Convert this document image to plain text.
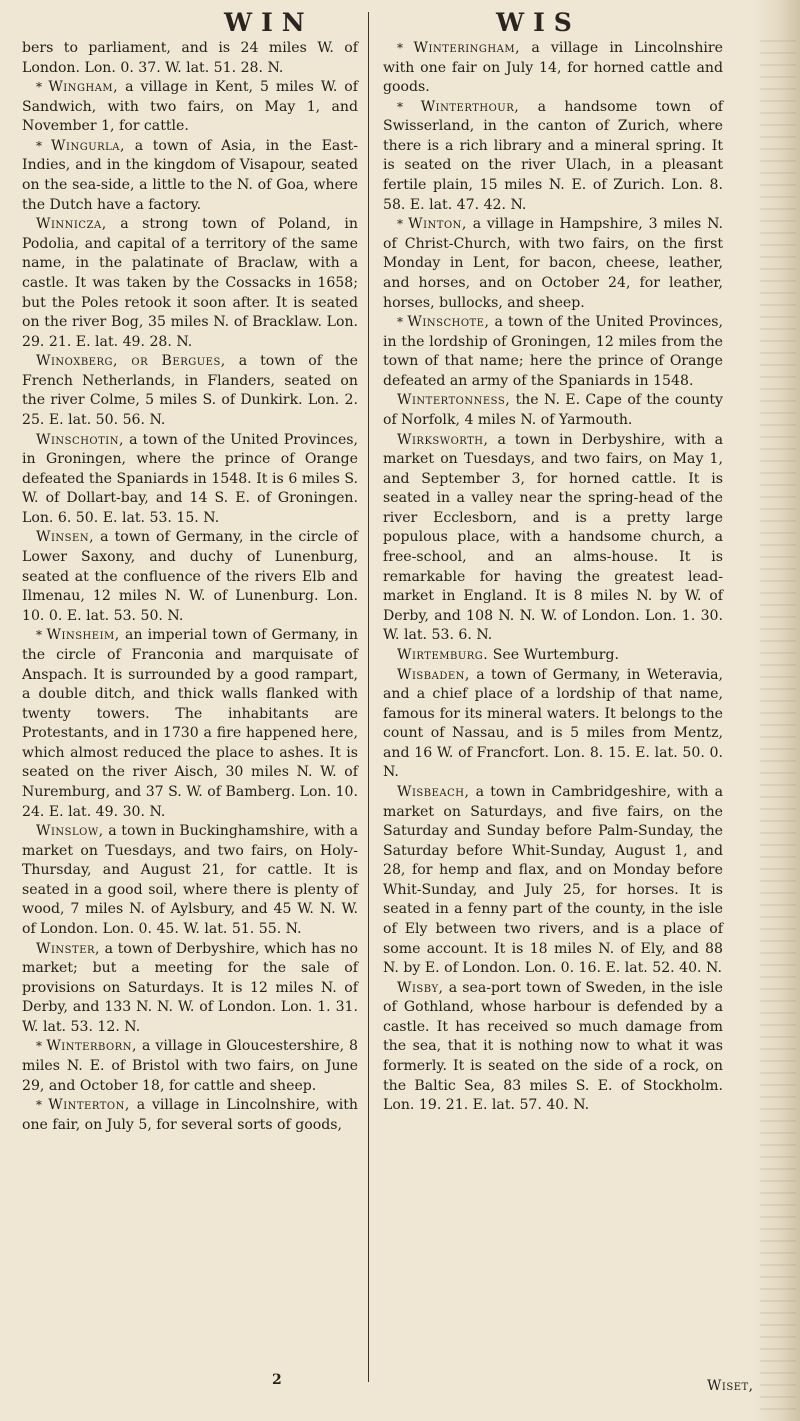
WIN	WIS

bers to parliament, and is 24 miles W. of London. Lon. 0. 37. W. lat. 51. 28. N.

* Wingham, a village in Kent, 5 miles W. of Sandwich, with two fairs, on May 1, and November 1, for cattle.

* Wingurla, a town of Asia, in the East-Indies, and in the kingdom of Visapour, seated on the sea-side, a little to the N. of Goa, where the Dutch have a factory.

Winnicza, a strong town of Poland, in Podolia, and capital of a territory of the same name, in the palatinate of Braclaw, with a castle. It was taken by the Cossacks in 1658; but the Poles retook it soon after. It is seated on the river Bog, 35 miles N. of Bracklaw. Lon. 29. 21. E. lat. 49. 28. N.

Winoxberg, or Bergues, a town of the French Netherlands, in Flanders, seated on the river Colme, 5 miles S. of Dunkirk. Lon. 2. 25. E. lat. 50. 56. N.

Winschotin, a town of the United Provinces, in Groningen, where the prince of Orange defeated the Spaniards in 1548. It is 6 miles S. W. of Dollart-bay, and 14 S. E. of Groningen. Lon. 6. 50. E. lat. 53. 15. N.

Winsen, a town of Germany, in the circle of Lower Saxony, and duchy of Lunenburg, seated at the confluence of the rivers Elb and Ilmenau, 12 miles N. W. of Lunenburg. Lon. 10. 0. E. lat. 53. 50. N.

* Winsheim, an imperial town of Germany, in the circle of Franconia and marquisate of Anspach. It is surrounded by a good rampart, a double ditch, and thick walls flanked with twenty towers. The inhabitants are Protestants, and in 1730 a fire happened here, which almost reduced the place to ashes. It is seated on the river Aisch, 30 miles N. W. of Nuremburg, and 37 S. W. of Bamberg. Lon. 10. 24. E. lat. 49. 30. N.

Winslow, a town in Buckinghamshire, with a market on Tuesdays, and two fairs, on Holy-Thursday, and August 21, for cattle. It is seated in a good soil, where there is plenty of wood, 7 miles N. of Aylsbury, and 45 W. N. W. of London. Lon. 0. 45. W. lat. 51. 55. N.

Winster, a town of Derbyshire, which has no market; but a meeting for the sale of provisions on Saturdays. It is 12 miles N. of Derby, and 133 N. N. W. of London. Lon. 1. 31. W. lat. 53. 12. N.

* Winterborn, a village in Gloucestershire, 8 miles N. E. of Bristol with two fairs, on June 29, and October 18, for cattle and sheep.

* Winterton, a village in Lincolnshire, with one fair, on July 5, for several sorts of goods,

* Winteringham, a village in Lincolnshire with one fair on July 14, for horned cattle and goods.

* Winterthour, a handsome town of Swisserland, in the canton of Zurich, where there is a rich library and a mineral spring. It is seated on the river Ulach, in a pleasant fertile plain, 15 miles N. E. of Zurich. Lon. 8. 58. E. lat. 47. 42. N.

* Winton, a village in Hampshire, 3 miles N. of Christ-Church, with two fairs, on the first Monday in Lent, for bacon, cheese, leather, and horses, and on October 24, for leather, horses, bullocks, and sheep.

* Winschote, a town of the United Provinces, in the lordship of Groningen, 12 miles from the town of that name; here the prince of Orange defeated an army of the Spaniards in 1548.

Wintertonness, the N. E. Cape of the county of Norfolk, 4 miles N. of Yarmouth.

Wirksworth, a town in Derbyshire, with a market on Tuesdays, and two fairs, on May 1, and September 3, for horned cattle. It is seated in a valley near the spring-head of the river Ecclesborn, and is a pretty large populous place, with a handsome church, a free-school, and an alms-house. It is remarkable for having the greatest lead-market in England. It is 8 miles N. by W. of Derby, and 108 N. N. W. of London. Lon. 1. 30. W. lat. 53. 6. N.

Wirtemburg. See Wurtemburg.

Wisbaden, a town of Germany, in Weteravia, and a chief place of a lordship of that name, famous for its mineral waters. It belongs to the count of Nassau, and is 5 miles from Mentz, and 16 W. of Francfort. Lon. 8. 15. E. lat. 50. 0. N.

Wisbeach, a town in Cambridgeshire, with a market on Saturdays, and five fairs, on the Saturday and Sunday before Palm-Sunday, the Saturday before Whit-Sunday, August 1, and 28, for hemp and flax, and on Monday before Whit-Sunday, and July 25, for horses. It is seated in a fenny part of the county, in the isle of Ely between two rivers, and is a place of some account. It is 18 miles N. of Ely, and 88 N. by E. of London. Lon. 0. 16. E. lat. 52. 40. N.

Wisby, a sea-port town of Sweden, in the isle of Gothland, whose harbour is defended by a castle. It has received so much damage from the sea, that it is nothing now to what it was formerly. It is seated on the side of a rock, on the Baltic Sea, 83 miles S. E. of Stockholm. Lon. 19. 21. E. lat. 57. 40. N.

2	Wiset,
